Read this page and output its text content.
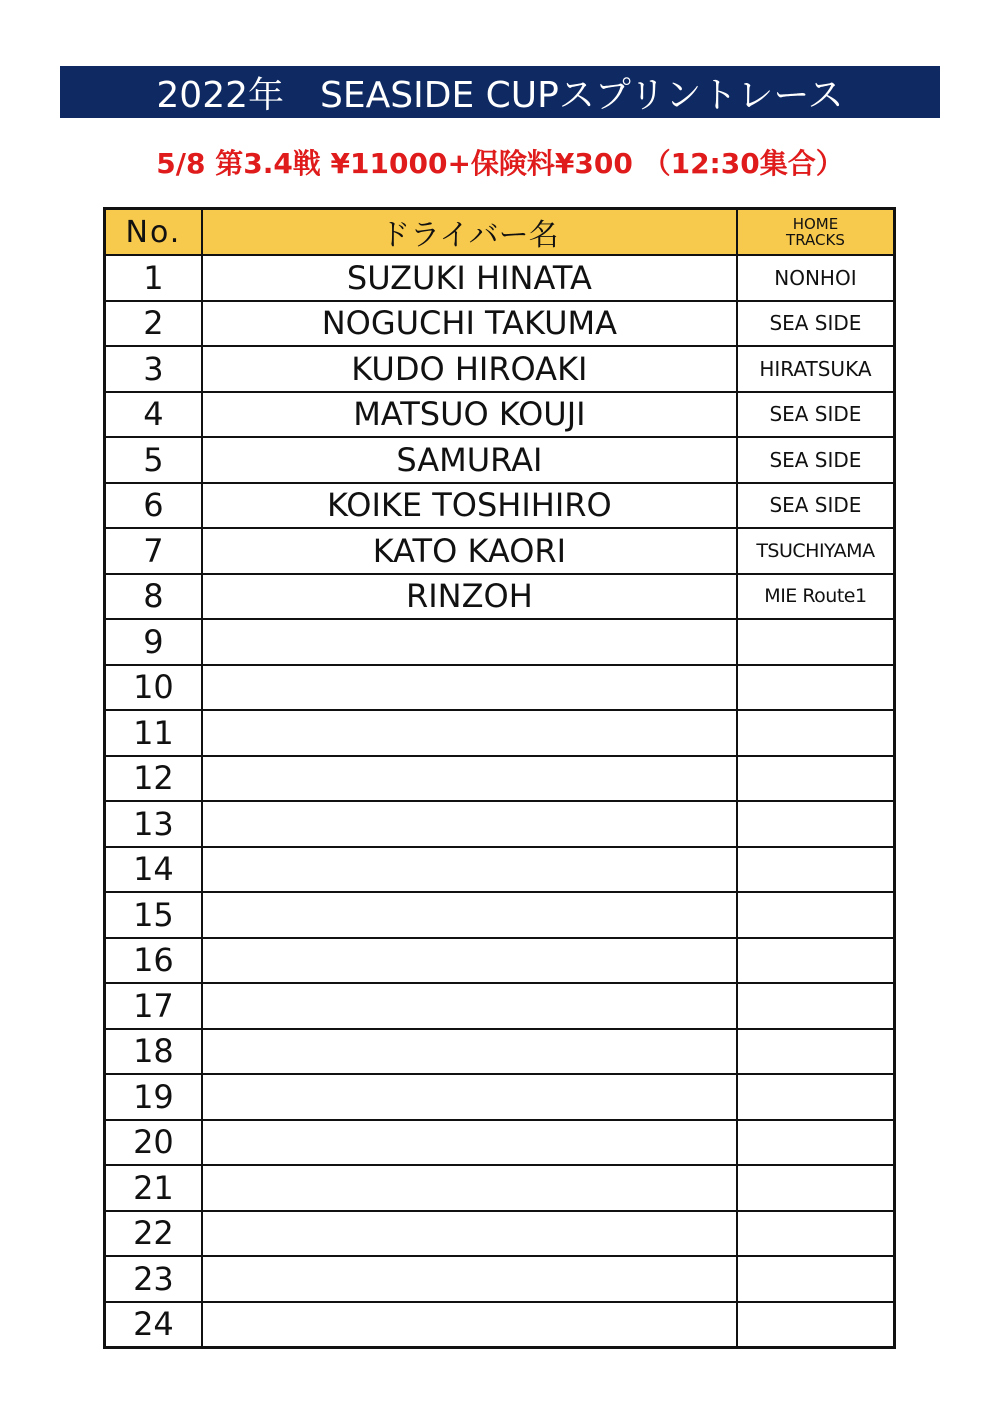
2022年　SEASIDE CUPスプリントレース
5/8 第3.4戦 ¥11000+保険料¥300 （12:30集合）
No.	ドライバー名	HOME
TRACKS

1	SUZUKI HINATA	NONHOI
2	NOGUCHI TAKUMA	SEA SIDE
3	KUDO HIROAKI	HIRATSUKA
4	MATSUO KOUJI	SEA SIDE
5	SAMURAI	SEA SIDE
6	KOIKE TOSHIHIRO	SEA SIDE
7	KATO KAORI	TSUCHIYAMA
8	RINZOH	MIE Route1
9		
10		
11		
12		
13		
14		
15		
16		
17		
18		
19		
20		
21		
22		
23		
24		
